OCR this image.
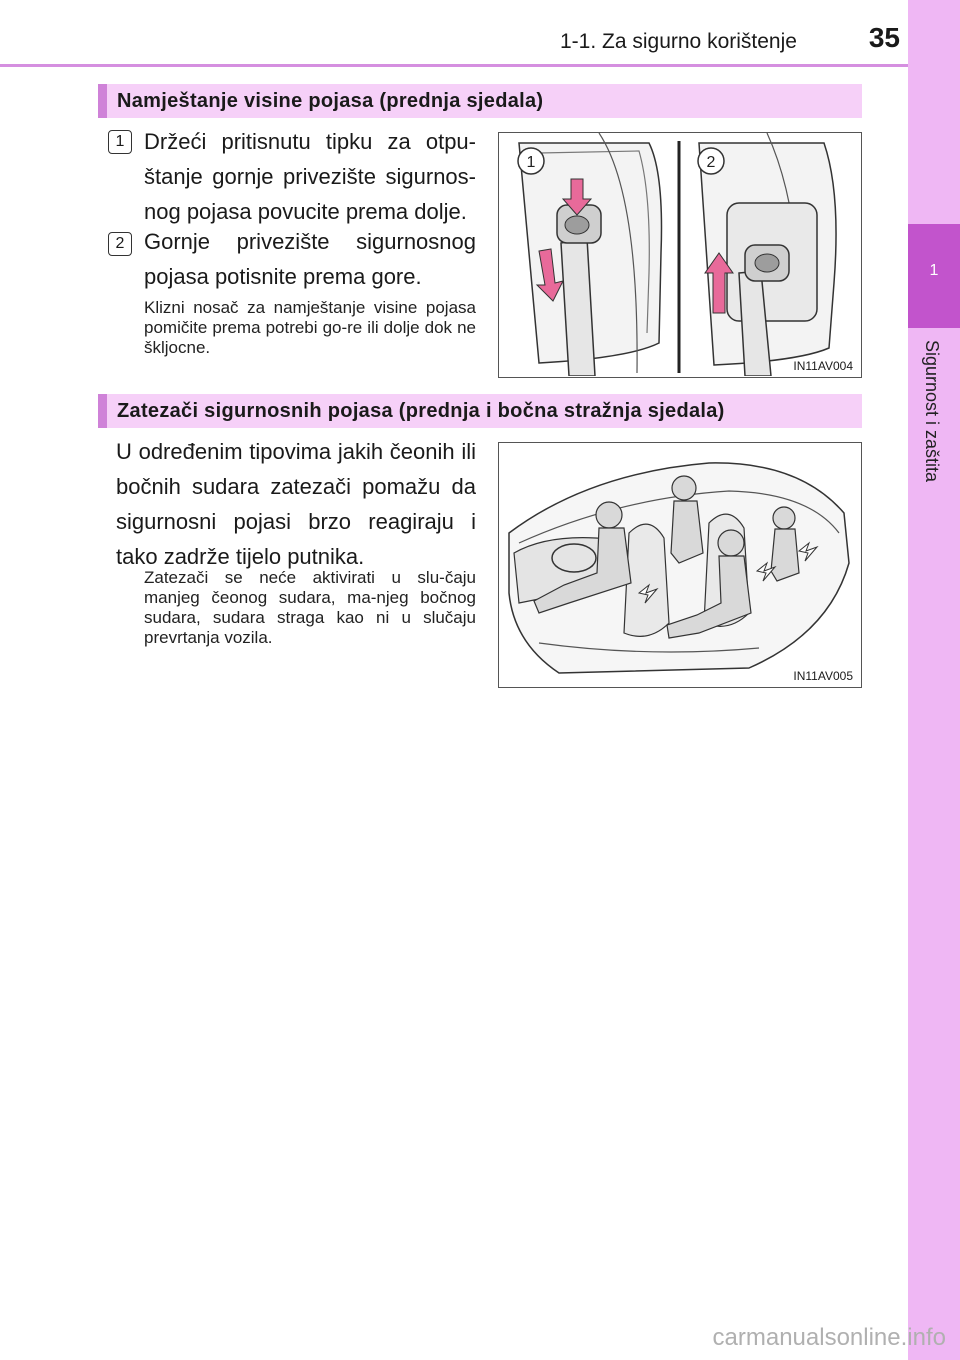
1-1. Za sigurno korištenje	35
1
Sigurnost i zaštita
Namještanje visine pojasa (prednja sjedala)
1 Držeći pritisnutu tipku za otpu-štanje gornje privezište sigurnos-nog pojasa povucite prema dolje.
2 Gornje privezište sigurnosnog pojasa potisnite prema gore.
Klizni nosač za namještanje visine pojasa pomičite prema potrebi go-re ili dolje dok ne škljocne.
1	2
IN11AV004
Zatezači sigurnosnih pojasa (prednja i bočna stražnja sjedala)
U određenim tipovima jakih čeonih ili bočnih sudara zatezači pomažu da sigurnosni pojasi brzo reagiraju i tako zadrže tijelo putnika.
Zatezači se neće aktivirati u slu-čaju manjeg čeonog sudara, ma-njeg bočnog sudara, sudara straga kao ni u slučaju prevrtanja vozila.
IN11AV005
carmanualsonline.info
